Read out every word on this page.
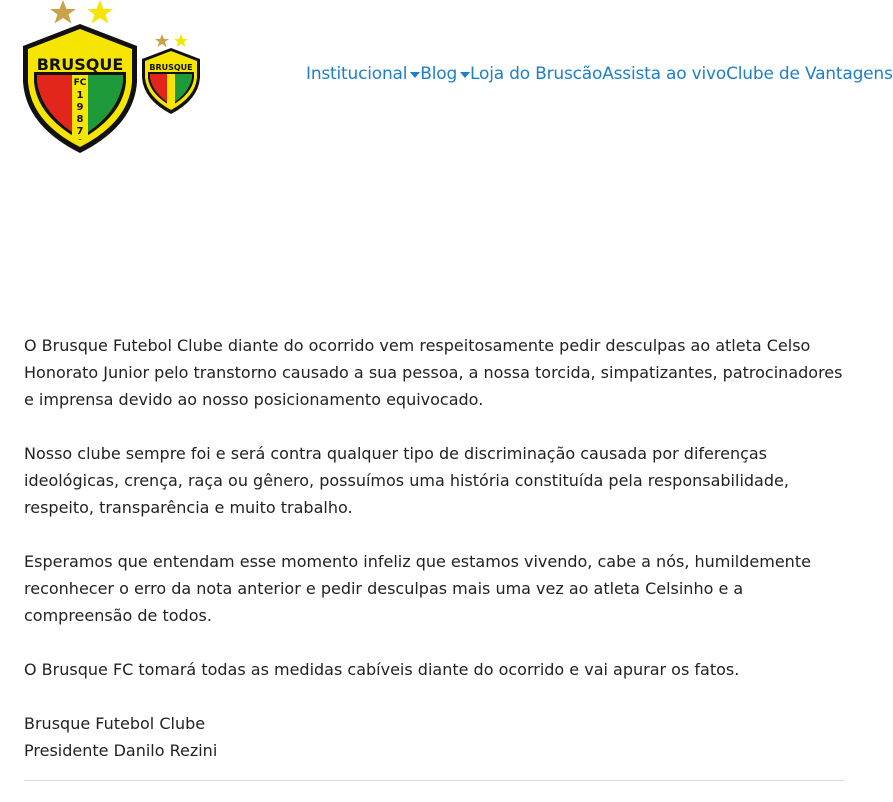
BRUSQUE
FC
1
9
8
7
BRUSQUE	Institucional Blog Loja do Bruscão Assista ao vivo Clube de Vantagens

O Brusque Futebol Clube diante do ocorrido vem respeitosamente pedir desculpas ao atleta Celso Honorato Junior pelo transtorno causado a sua pessoa, a nossa torcida, simpatizantes, patrocinadores e imprensa devido ao nosso posicionamento equivocado.

Nosso clube sempre foi e será contra qualquer tipo de discriminação causada por diferenças ideológicas, crença, raça ou gênero, possuímos uma história constituída pela responsabilidade, respeito, transparência e muito trabalho.

Esperamos que entendam esse momento infeliz que estamos vivendo, cabe a nós, humildemente reconhecer o erro da nota anterior e pedir desculpas mais uma vez ao atleta Celsinho e a compreensão de todos.

O Brusque FC tomará todas as medidas cabíveis diante do ocorrido e vai apurar os fatos.

Brusque Futebol Clube

Presidente Danilo Rezini
